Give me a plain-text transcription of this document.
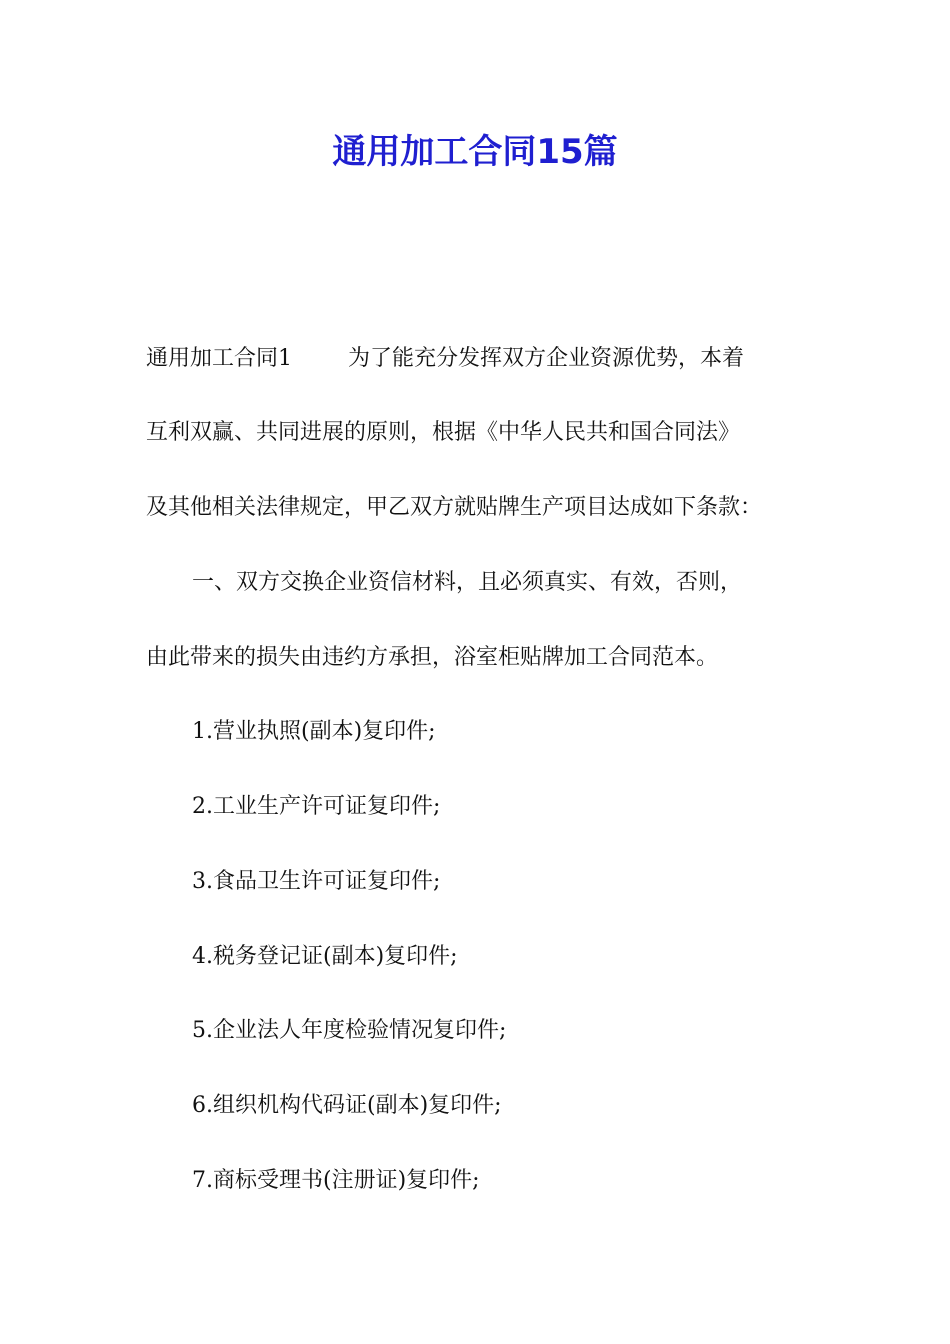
通用加工合同15篇

通用加工合同1	为了能充分发挥双方企业资源优势，本着

互利双赢、共同进展的原则，根据《中华人民共和国合同法》

及其他相关法律规定，甲乙双方就贴牌生产项目达成如下条款：

一、双方交换企业资信材料，且必须真实、有效，否则，

由此带来的损失由违约方承担，浴室柜贴牌加工合同范本。

1.营业执照(副本)复印件;

2.工业生产许可证复印件;

3.食品卫生许可证复印件;

4.税务登记证(副本)复印件;

5.企业法人年度检验情况复印件;

6.组织机构代码证(副本)复印件;

7.商标受理书(注册证)复印件;
